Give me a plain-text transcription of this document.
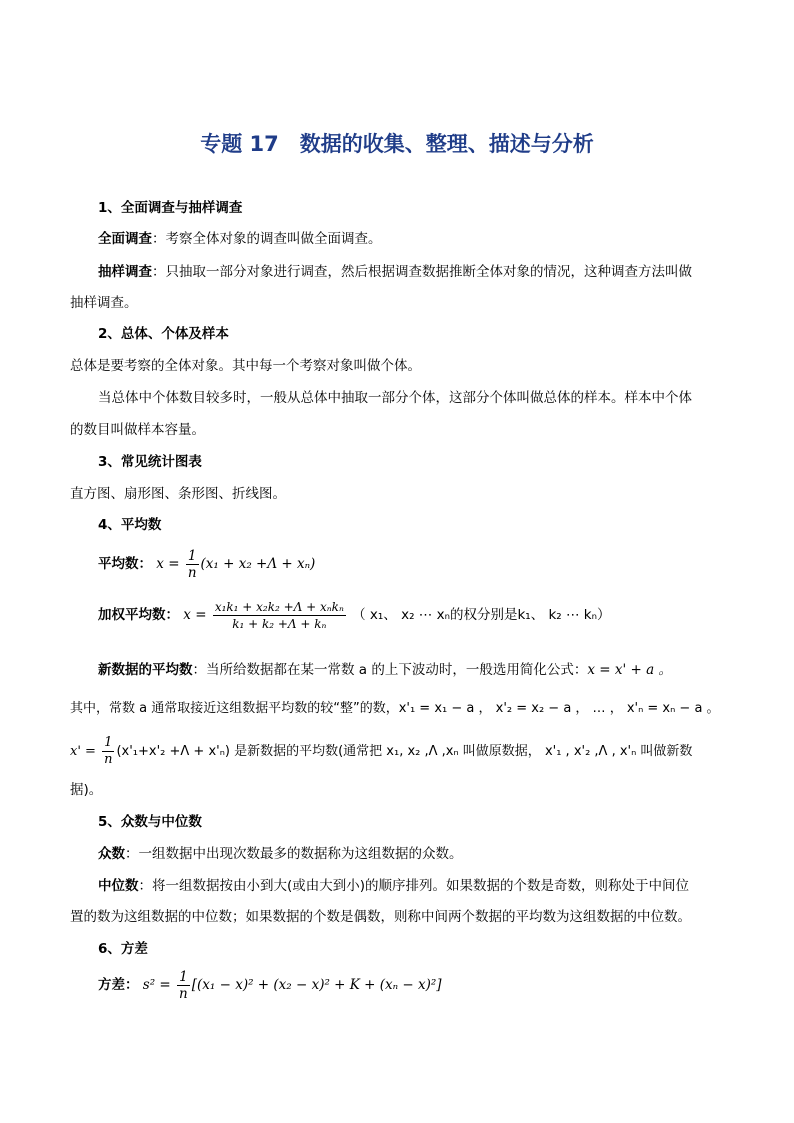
专题 17　数据的收集、整理、描述与分析
1、全面调查与抽样调查
全面调查：考察全体对象的调查叫做全面调查。
抽样调查：只抽取一部分对象进行调查，然后根据调查数据推断全体对象的情况，这种调查方法叫做
抽样调查。
2、总体、个体及样本
总体是要考察的全体对象。其中每一个考察对象叫做个体。
当总体中个体数目较多时，一般从总体中抽取一部分个体，这部分个体叫做总体的样本。样本中个体
的数目叫做样本容量。
3、常见统计图表
直方图、扇形图、条形图、折线图。
4、平均数
平均数： $x = \frac{1}{n} (x_1 + x_2 +\Lambda + x_n)$
加权平均数： $x = \frac{\text{x₁k₁ + x₂k₂ +Λ + xₙkₙ}}{\text{k₁ + k₂ +Λ + kₙ}}$ （ x₁、 x₂ ⋯ xₙ的权分别是k₁、 k₂ ⋯ kₙ）
新数据的平均数：当所给数据都在某一常数 a 的上下波动时，一般选用简化公式：x = x' + a 。
其中，常数 a 通常取接近这组数据平均数的较“整”的数，x'₁ = x₁ − a ， x'₂ = x₂ − a ， … ， x'ₙ = xₙ − a 。
$x' = \frac{1}{n} (x'_1+x'_2 +\Lambda + x'_n)$ 是新数据的平均数(通常把 x₁, x₂ ,Λ ,xₙ 叫做原数据， x'₁ , x'₂ ,Λ , x'ₙ 叫做新数
据)。
5、众数与中位数
众数：一组数据中出现次数最多的数据称为这组数据的众数。
中位数：将一组数据按由小到大(或由大到小)的顺序排列。如果数据的个数是奇数，则称处于中间位
置的数为这组数据的中位数；如果数据的个数是偶数，则称中间两个数据的平均数为这组数据的中位数。
6、方差
方差： $s^2 = \frac{1}{n} [(x_1 - x)^2 + (x_2 - x)^2 + K + (x_n - x)^2]$
